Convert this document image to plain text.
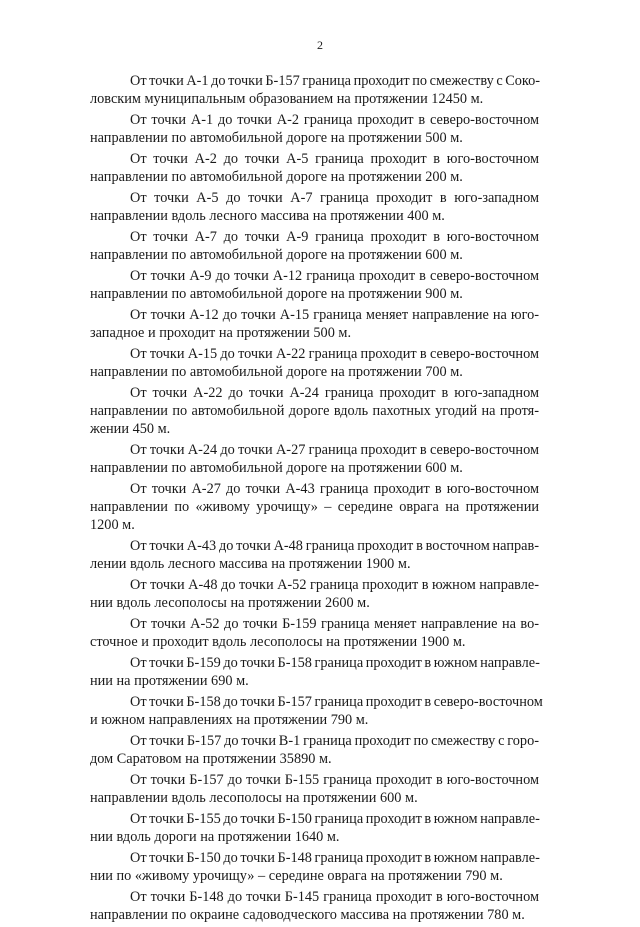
2
От точки А-1 до точки Б-157 граница проходит по смежеству с Соко-
ловским муниципальным образованием на протяжении 12450 м.
От точки А-1 до точки А-2 граница проходит в северо-восточном
направлении по автомобильной дороге на протяжении 500 м.
От точки А-2 до точки А-5 граница проходит в юго-восточном
направлении по автомобильной дороге на протяжении 200 м.
От точки А-5 до точки А-7 граница проходит в юго-западном
направлении вдоль лесного массива на протяжении 400 м.
От точки А-7 до точки А-9 граница проходит в юго-восточном
направлении по автомобильной дороге на протяжении 600 м.
От точки А-9 до точки А-12 граница проходит в северо-восточном
направлении по автомобильной дороге на протяжении 900 м.
От точки А-12 до точки А-15 граница меняет направление на юго-
западное и проходит на протяжении 500 м.
От точки А-15 до точки А-22 граница проходит в северо-восточном
направлении по автомобильной дороге на протяжении 700 м.
От точки А-22 до точки А-24 граница проходит в юго-западном
направлении по автомобильной дороге вдоль пахотных угодий на протя-
жении 450 м.
От точки А-24 до точки А-27 граница проходит в северо-восточном
направлении по автомобильной дороге на протяжении 600 м.
От точки А-27 до точки А-43 граница проходит в юго-восточном
направлении по «живому урочищу» – середине оврага на протяжении
1200 м.
От точки А-43 до точки А-48 граница проходит в восточном направ-
лении вдоль лесного массива на протяжении 1900 м.
От точки А-48 до точки А-52 граница проходит в южном направле-
нии вдоль лесополосы на протяжении 2600 м.
От точки А-52 до точки Б-159 граница меняет направление на во-
сточное и проходит вдоль лесополосы на протяжении 1900 м.
От точки Б-159 до точки Б-158 граница проходит в южном направле-
нии на протяжении 690 м.
От точки Б-158 до точки Б-157 граница проходит в северо-восточном
и южном направлениях на протяжении 790 м.
От точки Б-157 до точки В-1 граница проходит по смежеству с горо-
дом Саратовом на протяжении 35890 м.
От точки Б-157 до точки Б-155 граница проходит в юго-восточном
направлении вдоль лесополосы на протяжении 600 м.
От точки Б-155 до точки Б-150 граница проходит в южном направле-
нии вдоль дороги на протяжении 1640 м.
От точки Б-150 до точки Б-148 граница проходит в южном направле-
нии по «живому урочищу» – середине оврага на протяжении 790 м.
От точки Б-148 до точки Б-145 граница проходит в юго-восточном
направлении по окраине садоводческого массива на протяжении 780 м.
